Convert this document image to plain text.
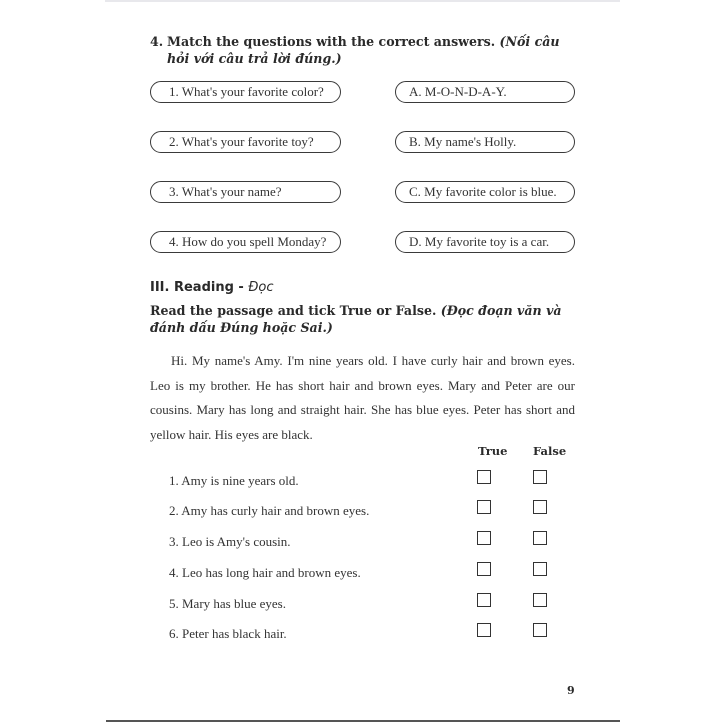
4. Match the questions with the correct answers. (Nối câu hỏi với câu trả lời đúng.)
1. What's your favorite color?
2. What's your favorite toy?
3. What's your name?
4. How do you spell Monday?
A. M-O-N-D-A-Y.
B. My name's Holly.
C. My favorite color is blue.
D. My favorite toy is a car.
III. Reading - Đọc
Read the passage and tick True or False. (Đọc đoạn văn và đánh dấu Đúng hoặc Sai.)
Hi. My name's Amy. I'm nine years old. I have curly hair and brown eyes. Leo is my brother. He has short hair and brown eyes. Mary and Peter are our cousins. Mary has long and straight hair. She has blue eyes. Peter has short and yellow hair. His eyes are black.
True False
1. Amy is nine years old.
2. Amy has curly hair and brown eyes.
3. Leo is Amy's cousin.
4. Leo has long hair and brown eyes.
5. Mary has blue eyes.
6. Peter has black hair.
9
